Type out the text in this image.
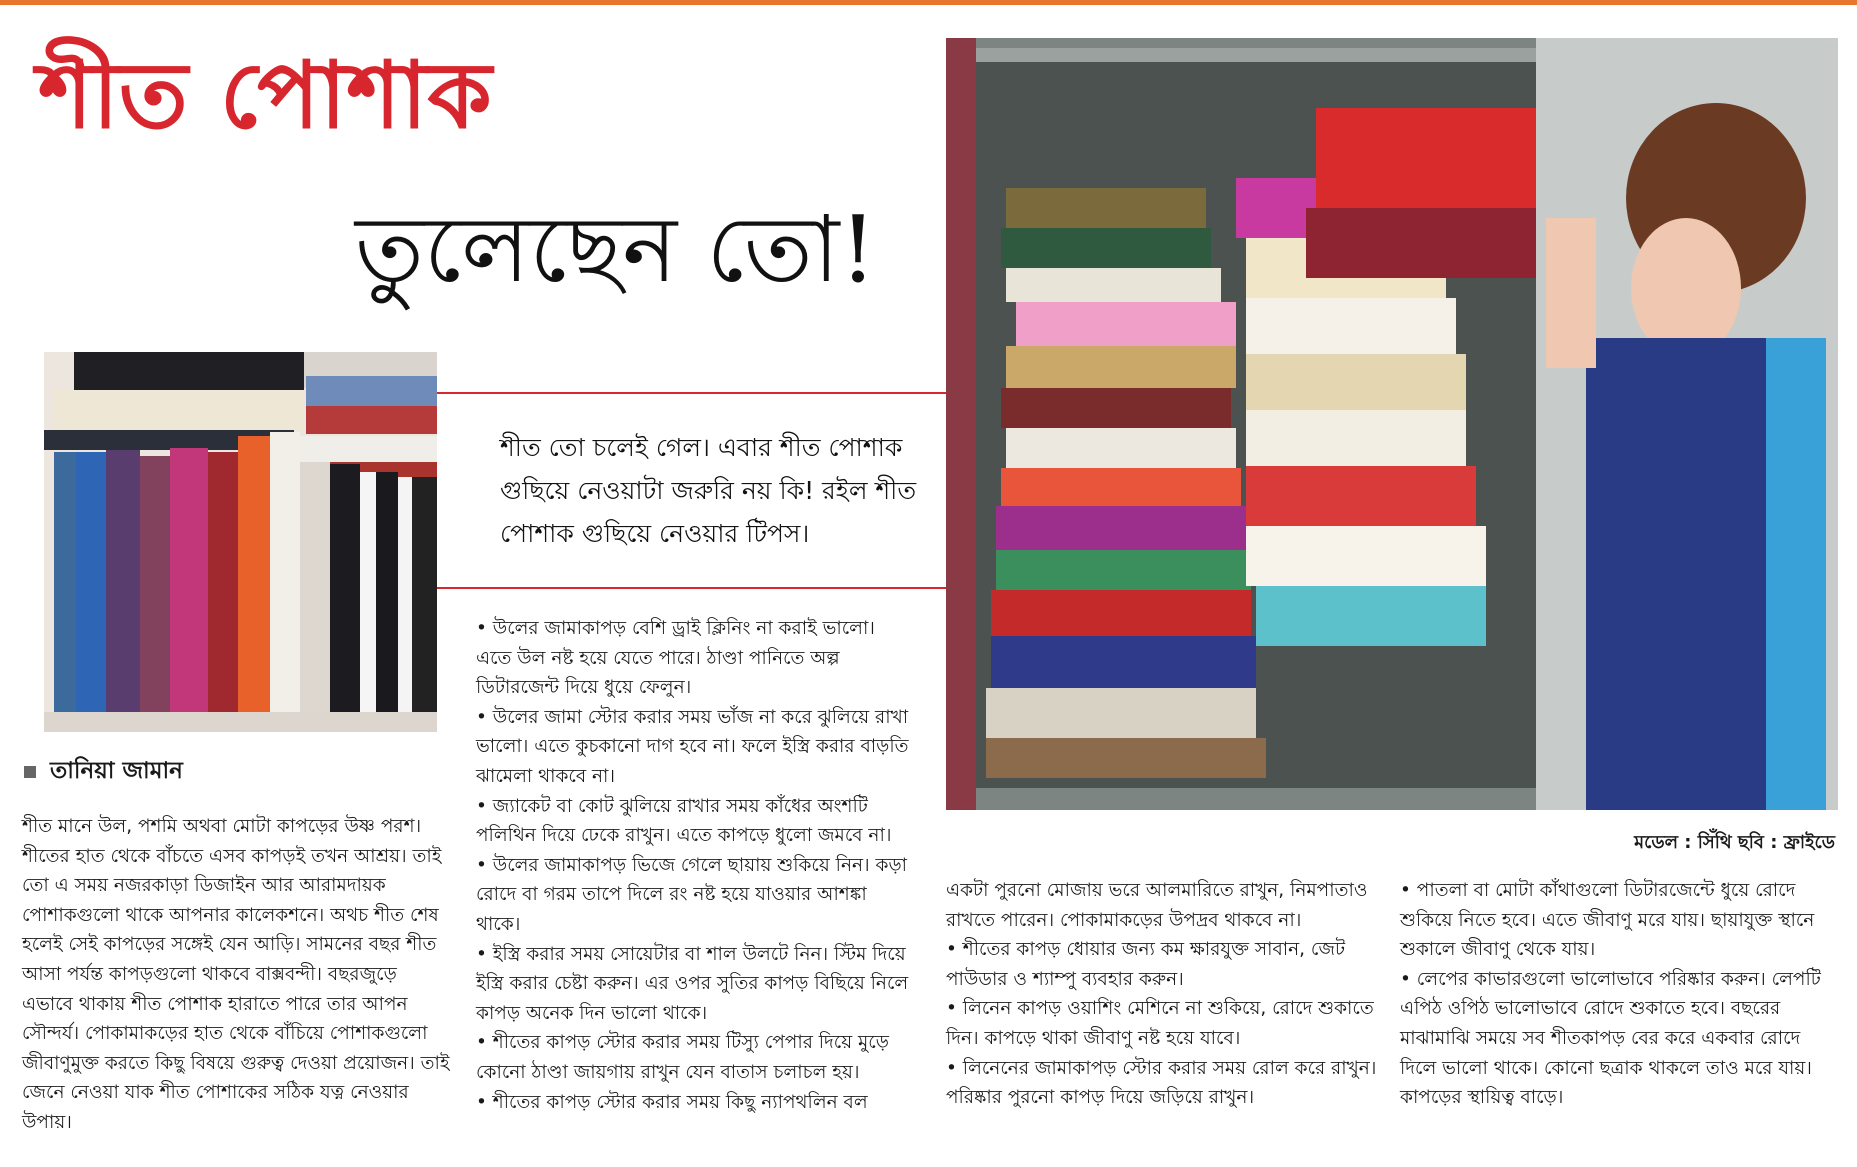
শীত পোশাক
তুলেছেন তো!
শীত তো চলেই গেল। এবার শীত পোশাক গুছিয়ে নেওয়াটা জরুরি নয় কি! রইল শীত পোশাক গুছিয়ে নেওয়ার টিপস।
তানিয়া জামান
মডেল : সিঁথি ছবি : ফ্রাইডে

শীত মানে উল, পশমি অথবা মোটা কাপড়ের উষ্ণ পরশ। শীতের হাত থেকে বাঁচতে এসব কাপড়ই তখন আশ্রয়। তাই তো এ সময় নজরকাড়া ডিজাইন আর আরামদায়ক পোশাকগুলো থাকে আপনার কালেকশনে। অথচ শীত শেষ হলেই সেই কাপড়ের সঙ্গেই যেন আড়ি। সামনের বছর শীত আসা পর্যন্ত কাপড়গুলো থাকবে বাক্সবন্দী। বছরজুড়ে এভাবে থাকায় শীত পোশাক হারাতে পারে তার আপন সৌন্দর্য। পোকামাকড়ের হাত থেকে বাঁচিয়ে পোশাকগুলো জীবাণুমুক্ত করতে কিছু বিষয়ে গুরুত্ব দেওয়া প্রয়োজন। তাই জেনে নেওয়া যাক শীত পোশাকের সঠিক যত্ন নেওয়ার উপায়।

• উলের জামাকাপড় বেশি ড্রাই ক্লিনিং না করাই ভালো। এতে উল নষ্ট হয়ে যেতে পারে। ঠাণ্ডা পানিতে অল্প ডিটারজেন্ট দিয়ে ধুয়ে ফেলুন।

• উলের জামা স্টোর করার সময় ভাঁজ না করে ঝুলিয়ে রাখা ভালো। এতে কুচকানো দাগ হবে না। ফলে ইস্ত্রি করার বাড়তি ঝামেলা থাকবে না।

• জ্যাকেট বা কোট ঝুলিয়ে রাখার সময় কাঁধের অংশটি পলিথিন দিয়ে ঢেকে রাখুন। এতে কাপড়ে ধুলো জমবে না।

• উলের জামাকাপড় ভিজে গেলে ছায়ায় শুকিয়ে নিন। কড়া রোদে বা গরম তাপে দিলে রং নষ্ট হয়ে যাওয়ার আশঙ্কা থাকে।

• ইস্ত্রি করার সময় সোয়েটার বা শাল উলটে নিন। স্টিম দিয়ে ইস্ত্রি করার চেষ্টা করুন। এর ওপর সুতির কাপড় বিছিয়ে নিলে কাপড় অনেক দিন ভালো থাকে।

• শীতের কাপড় স্টোর করার সময় টিস্যু পেপার দিয়ে মুড়ে কোনো ঠাণ্ডা জায়গায় রাখুন যেন বাতাস চলাচল হয়।

• শীতের কাপড় স্টোর করার সময় কিছু ন্যাপথলিন বল

একটা পুরনো মোজায় ভরে আলমারিতে রাখুন, নিমপাতাও রাখতে পারেন। পোকামাকড়ের উপদ্রব থাকবে না।

• শীতের কাপড় ধোয়ার জন্য কম ক্ষারযুক্ত সাবান, জেট পাউডার ও শ্যাম্পু ব্যবহার করুন।

• লিনেন কাপড় ওয়াশিং মেশিনে না শুকিয়ে, রোদে শুকাতে দিন। কাপড়ে থাকা জীবাণু নষ্ট হয়ে যাবে।

• লিনেনের জামাকাপড় স্টোর করার সময় রোল করে রাখুন। পরিষ্কার পুরনো কাপড় দিয়ে জড়িয়ে রাখুন।

• পাতলা বা মোটা কাঁথাগুলো ডিটারজেন্টে ধুয়ে রোদে শুকিয়ে নিতে হবে। এতে জীবাণু মরে যায়। ছায়াযুক্ত স্থানে শুকালে জীবাণু থেকে যায়।

• লেপের কাভারগুলো ভালোভাবে পরিষ্কার করুন। লেপটি এপিঠ ওপিঠ ভালোভাবে রোদে শুকাতে হবে। বছরের মাঝামাঝি সময়ে সব শীতকাপড় বের করে একবার রোদে দিলে ভালো থাকে। কোনো ছত্রাক থাকলে তাও মরে যায়। কাপড়ের স্থায়িত্ব বাড়ে।
